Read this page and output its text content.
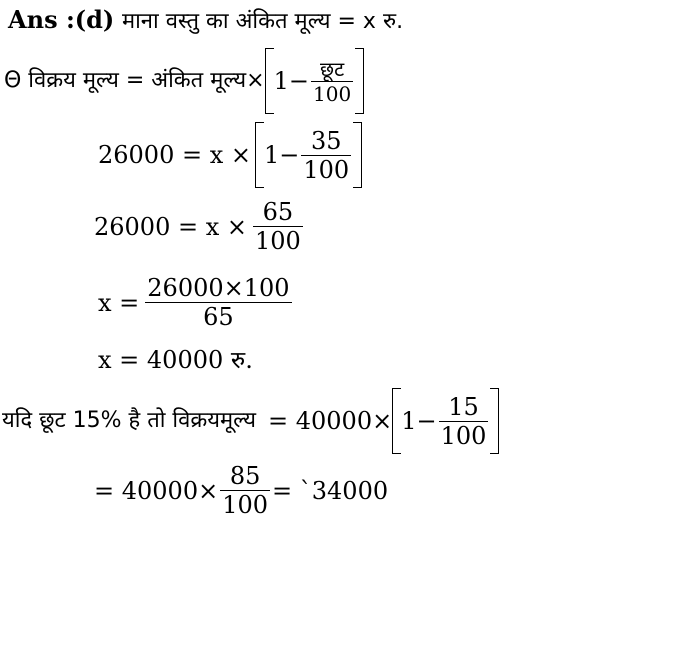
Ans :(d) माना वस्तु का अंकित मूल्य = x रु.
Θ विक्रय मूल्य = अंकित मूल्य× $1 - \frac{\text{छूट}}{100}$
$26000 = x \times 1 - \frac{35}{100}$
$26000 = x \times \frac{65}{100}$
$x = \frac{26000\times 100}{65}$
x = 40000 रु.
यदि छूट 15% है तो विक्रयमूल्य = $40000\times 1 - \frac{15}{100}$
= $40000\times \frac{85}{100}$ = `34000
